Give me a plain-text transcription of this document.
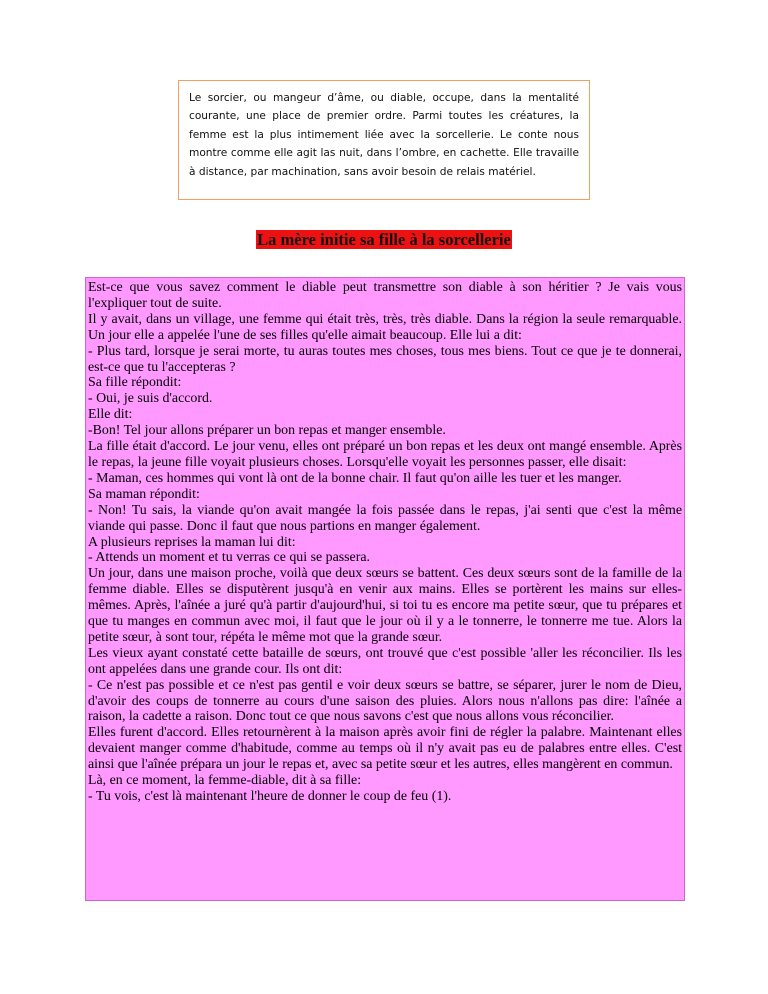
Le sorcier, ou mangeur d’âme, ou diable, occupe, dans la mentalité courante, une place de premier ordre. Parmi toutes les créatures, la femme est la plus intimement liée avec la sorcellerie. Le conte nous montre comme elle agit las nuit, dans l’ombre, en cachette. Elle travaille à distance, par machination, sans avoir besoin de relais matériel.
La mère initie sa fille à la sorcellerie

Est-ce que vous savez comment le diable peut transmettre son diable à son héritier ? Je vais vous l'expliquer tout de suite.

Il y avait, dans un village, une femme qui était très, très, très diable. Dans la région la seule remarquable. Un jour elle a appelée l'une de ses filles qu'elle aimait beaucoup. Elle lui a dit:

- Plus tard, lorsque je serai morte, tu auras toutes mes choses, tous mes biens. Tout ce que je te donnerai, est-ce que tu l'accepteras ?

Sa fille répondit:

- Oui, je suis d'accord.

Elle dit:

-Bon! Tel jour allons préparer un bon repas et manger ensemble.

La fille était d'accord. Le jour venu, elles ont préparé un bon repas et les deux ont mangé ensemble. Après le repas, la jeune fille voyait plusieurs choses. Lorsqu'elle voyait les personnes passer, elle disait:

- Maman, ces hommes qui vont là ont de la bonne chair. Il faut qu'on aille les tuer et les manger.

Sa maman répondit:

- Non! Tu sais, la viande qu'on avait mangée la fois passée dans le repas, j'ai senti que c'est la même viande qui passe. Donc il faut que nous partions en manger également.

A plusieurs reprises la maman lui dit:

- Attends un moment et tu verras ce qui se passera.

Un jour, dans une maison proche, voilà que deux sœurs se battent. Ces deux sœurs sont de la famille de la femme diable. Elles se disputèrent jusqu'à en venir aux mains. Elles se portèrent les mains sur elles-mêmes. Après, l'aînée a juré qu'à partir d'aujourd'hui, si toi tu es encore ma petite sœur, que tu prépares et que tu manges en commun avec moi, il faut que le jour où il y a le tonnerre, le tonnerre me tue. Alors la petite sœur, à sont tour, répéta le même mot que la grande sœur.

Les vieux ayant constaté cette bataille de sœurs, ont trouvé que c'est possible 'aller les réconcilier. Ils les ont appelées dans une grande cour. Ils ont dit:

- Ce n'est pas possible et ce n'est pas gentil e voir deux sœurs se battre, se séparer, jurer le nom de Dieu, d'avoir des coups de tonnerre au cours d'une saison des pluies. Alors nous n'allons pas dire: l'aînée a raison, la cadette a raison. Donc tout ce que nous savons c'est que nous allons vous réconcilier.

Elles furent d'accord. Elles retournèrent à la maison après avoir fini de régler la palabre. Maintenant elles devaient manger comme d'habitude, comme au temps où il n'y avait pas eu de palabres entre elles. C'est ainsi que l'aînée prépara un jour le repas et, avec sa petite sœur et les autres, elles mangèrent en commun.

Là, en ce moment, la femme-diable, dit à sa fille:

- Tu vois, c'est là maintenant l'heure de donner le coup de feu (1).
